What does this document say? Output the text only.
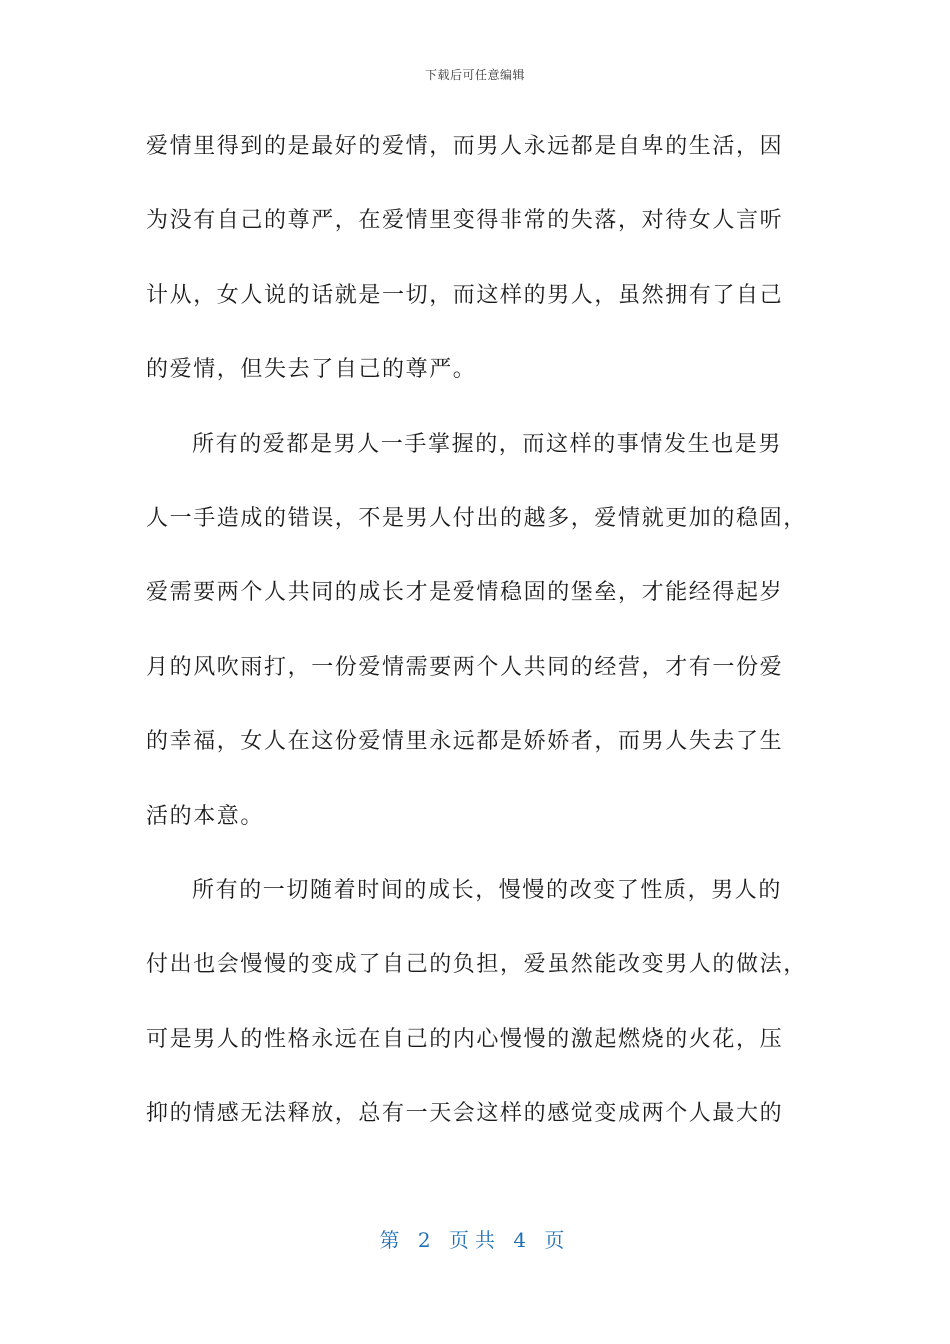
下载后可任意编辑
爱情里得到的是最好的爱情，而男人永远都是自卑的生活，因
为没有自己的尊严，在爱情里变得非常的失落，对待女人言听
计从，女人说的话就是一切，而这样的男人，虽然拥有了自己
的爱情，但失去了自己的尊严。
所有的爱都是男人一手掌握的，而这样的事情发生也是男
人一手造成的错误，不是男人付出的越多，爱情就更加的稳固，
爱需要两个人共同的成长才是爱情稳固的堡垒，才能经得起岁
月的风吹雨打，一份爱情需要两个人共同的经营，才有一份爱
的幸福，女人在这份爱情里永远都是娇娇者，而男人失去了生
活的本意。
所有的一切随着时间的成长，慢慢的改变了性质，男人的
付出也会慢慢的变成了自己的负担，爱虽然能改变男人的做法，
可是男人的性格永远在自己的内心慢慢的激起燃烧的火花，压
抑的情感无法释放，总有一天会这样的感觉变成两个人最大的
第 2 页共 4 页
